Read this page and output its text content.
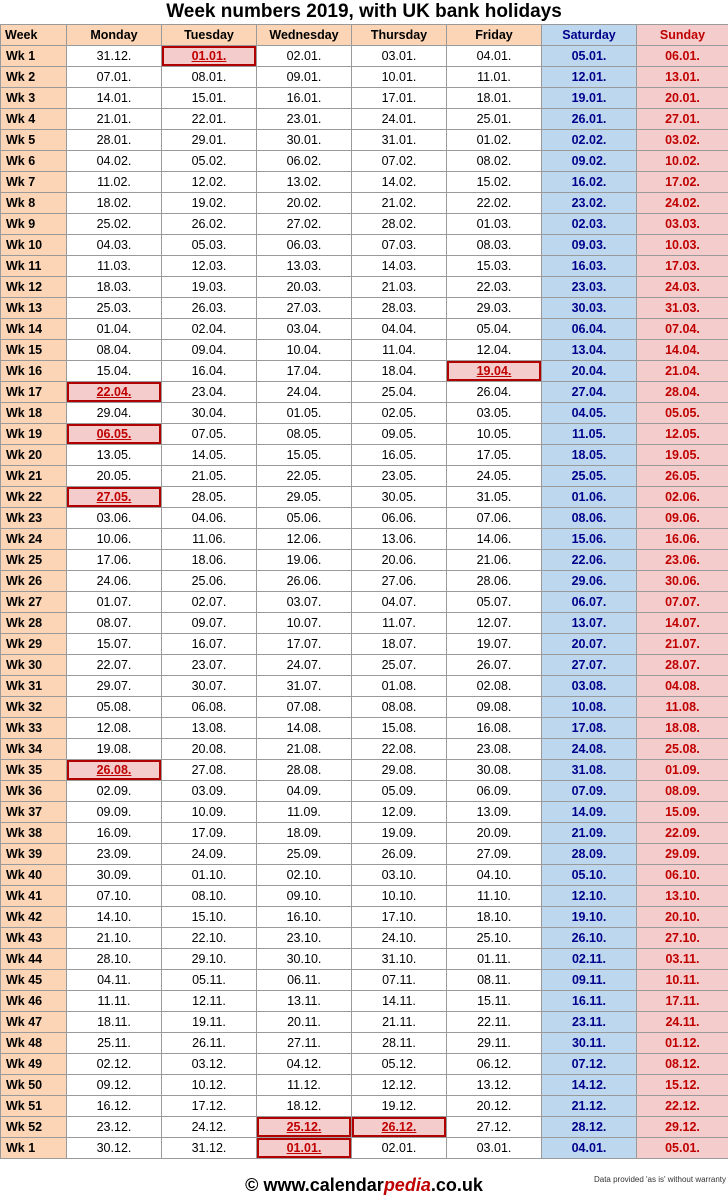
Week numbers 2019, with UK bank holidays
Week	Monday	Tuesday	Wednesday	Thursday	Friday	Saturday	Sunday
Wk 1	31.12.	01.01.	02.01.	03.01.	04.01.	05.01.	06.01.
Wk 2	07.01.	08.01.	09.01.	10.01.	11.01.	12.01.	13.01.
Wk 3	14.01.	15.01.	16.01.	17.01.	18.01.	19.01.	20.01.
Wk 4	21.01.	22.01.	23.01.	24.01.	25.01.	26.01.	27.01.
Wk 5	28.01.	29.01.	30.01.	31.01.	01.02.	02.02.	03.02.
Wk 6	04.02.	05.02.	06.02.	07.02.	08.02.	09.02.	10.02.
Wk 7	11.02.	12.02.	13.02.	14.02.	15.02.	16.02.	17.02.
Wk 8	18.02.	19.02.	20.02.	21.02.	22.02.	23.02.	24.02.
Wk 9	25.02.	26.02.	27.02.	28.02.	01.03.	02.03.	03.03.
Wk 10	04.03.	05.03.	06.03.	07.03.	08.03.	09.03.	10.03.
Wk 11	11.03.	12.03.	13.03.	14.03.	15.03.	16.03.	17.03.
Wk 12	18.03.	19.03.	20.03.	21.03.	22.03.	23.03.	24.03.
Wk 13	25.03.	26.03.	27.03.	28.03.	29.03.	30.03.	31.03.
Wk 14	01.04.	02.04.	03.04.	04.04.	05.04.	06.04.	07.04.
Wk 15	08.04.	09.04.	10.04.	11.04.	12.04.	13.04.	14.04.
Wk 16	15.04.	16.04.	17.04.	18.04.	19.04.	20.04.	21.04.
Wk 17	22.04.	23.04.	24.04.	25.04.	26.04.	27.04.	28.04.
Wk 18	29.04.	30.04.	01.05.	02.05.	03.05.	04.05.	05.05.
Wk 19	06.05.	07.05.	08.05.	09.05.	10.05.	11.05.	12.05.
Wk 20	13.05.	14.05.	15.05.	16.05.	17.05.	18.05.	19.05.
Wk 21	20.05.	21.05.	22.05.	23.05.	24.05.	25.05.	26.05.
Wk 22	27.05.	28.05.	29.05.	30.05.	31.05.	01.06.	02.06.
Wk 23	03.06.	04.06.	05.06.	06.06.	07.06.	08.06.	09.06.
Wk 24	10.06.	11.06.	12.06.	13.06.	14.06.	15.06.	16.06.
Wk 25	17.06.	18.06.	19.06.	20.06.	21.06.	22.06.	23.06.
Wk 26	24.06.	25.06.	26.06.	27.06.	28.06.	29.06.	30.06.
Wk 27	01.07.	02.07.	03.07.	04.07.	05.07.	06.07.	07.07.
Wk 28	08.07.	09.07.	10.07.	11.07.	12.07.	13.07.	14.07.
Wk 29	15.07.	16.07.	17.07.	18.07.	19.07.	20.07.	21.07.
Wk 30	22.07.	23.07.	24.07.	25.07.	26.07.	27.07.	28.07.
Wk 31	29.07.	30.07.	31.07.	01.08.	02.08.	03.08.	04.08.
Wk 32	05.08.	06.08.	07.08.	08.08.	09.08.	10.08.	11.08.
Wk 33	12.08.	13.08.	14.08.	15.08.	16.08.	17.08.	18.08.
Wk 34	19.08.	20.08.	21.08.	22.08.	23.08.	24.08.	25.08.
Wk 35	26.08.	27.08.	28.08.	29.08.	30.08.	31.08.	01.09.
Wk 36	02.09.	03.09.	04.09.	05.09.	06.09.	07.09.	08.09.
Wk 37	09.09.	10.09.	11.09.	12.09.	13.09.	14.09.	15.09.
Wk 38	16.09.	17.09.	18.09.	19.09.	20.09.	21.09.	22.09.
Wk 39	23.09.	24.09.	25.09.	26.09.	27.09.	28.09.	29.09.
Wk 40	30.09.	01.10.	02.10.	03.10.	04.10.	05.10.	06.10.
Wk 41	07.10.	08.10.	09.10.	10.10.	11.10.	12.10.	13.10.
Wk 42	14.10.	15.10.	16.10.	17.10.	18.10.	19.10.	20.10.
Wk 43	21.10.	22.10.	23.10.	24.10.	25.10.	26.10.	27.10.
Wk 44	28.10.	29.10.	30.10.	31.10.	01.11.	02.11.	03.11.
Wk 45	04.11.	05.11.	06.11.	07.11.	08.11.	09.11.	10.11.
Wk 46	11.11.	12.11.	13.11.	14.11.	15.11.	16.11.	17.11.
Wk 47	18.11.	19.11.	20.11.	21.11.	22.11.	23.11.	24.11.
Wk 48	25.11.	26.11.	27.11.	28.11.	29.11.	30.11.	01.12.
Wk 49	02.12.	03.12.	04.12.	05.12.	06.12.	07.12.	08.12.
Wk 50	09.12.	10.12.	11.12.	12.12.	13.12.	14.12.	15.12.
Wk 51	16.12.	17.12.	18.12.	19.12.	20.12.	21.12.	22.12.
Wk 52	23.12.	24.12.	25.12.	26.12.	27.12.	28.12.	29.12.
Wk 1	30.12.	31.12.	01.01.	02.01.	03.01.	04.01.	05.01.
© www.calendarpedia.co.uk	Data provided 'as is' without warranty
